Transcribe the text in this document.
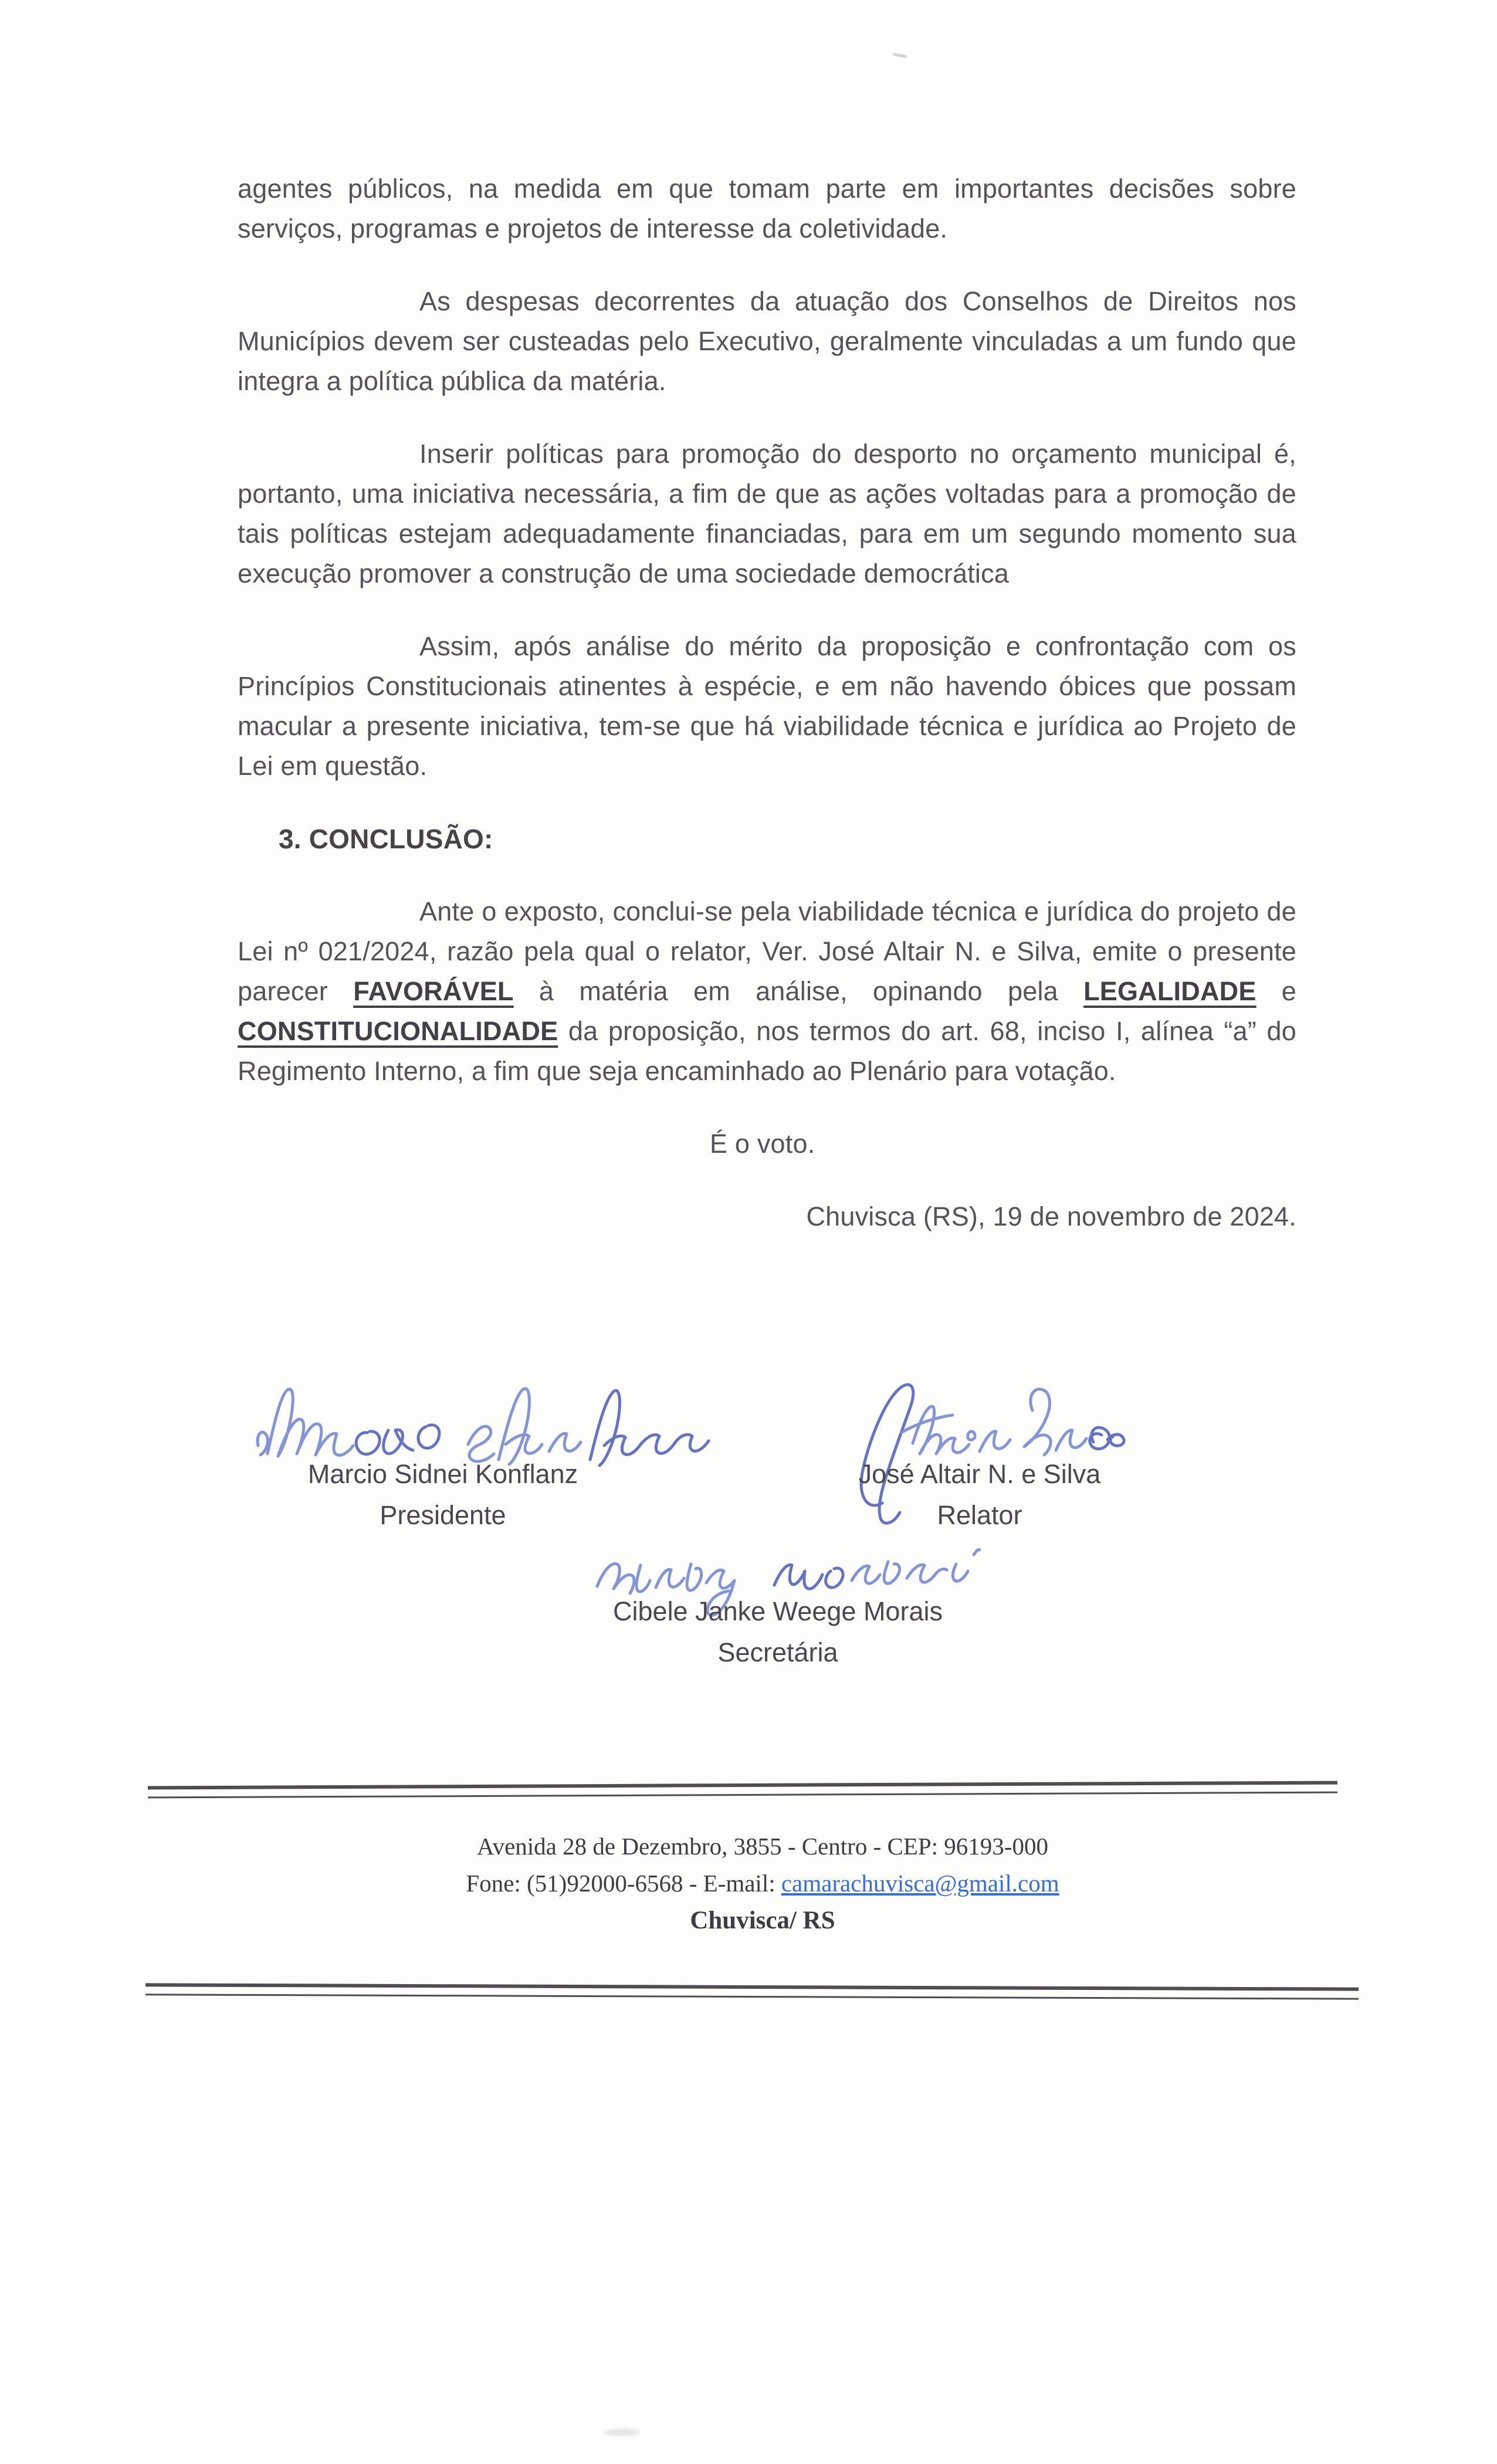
agentes públicos, na medida em que tomam parte em importantes decisões sobre serviços, programas e projetos de interesse da coletividade.

As despesas decorrentes da atuação dos Conselhos de Direitos nos Municípios devem ser custeadas pelo Executivo, geralmente vinculadas a um fundo que integra a política pública da matéria.

Inserir políticas para promoção do desporto no orçamento municipal é, portanto, uma iniciativa necessária, a fim de que as ações voltadas para a promoção de tais políticas estejam adequadamente financiadas, para em um segundo momento sua execução promover a construção de uma sociedade democrática

Assim, após análise do mérito da proposição e confrontação com os Princípios Constitucionais atinentes à espécie, e em não havendo óbices que possam macular a presente iniciativa, tem-se que há viabilidade técnica e jurídica ao Projeto de Lei em questão.

3. CONCLUSÃO:

Ante o exposto, conclui-se pela viabilidade técnica e jurídica do projeto de Lei nº 021/2024, razão pela qual o relator, Ver. José Altair N. e Silva, emite o presente parecer FAVORÁVEL à matéria em análise, opinando pela LEGALIDADE e CONSTITUCIONALIDADE da proposição, nos termos do art. 68, inciso I, alínea “a” do Regimento Interno, a fim que seja encaminhado ao Plenário para votação.

É o voto.

Chuvisca (RS), 19 de novembro de 2024.

Marcio Sidnei Konflanz
Presidente
José Altair N. e Silva
Relator
Cibele Janke Weege Morais
Secretária
Avenida 28 de Dezembro, 3855 - Centro - CEP: 96193-000
Fone: (51)92000-6568 - E-mail: camarachuvisca@gmail.com
Chuvisca/ RS
